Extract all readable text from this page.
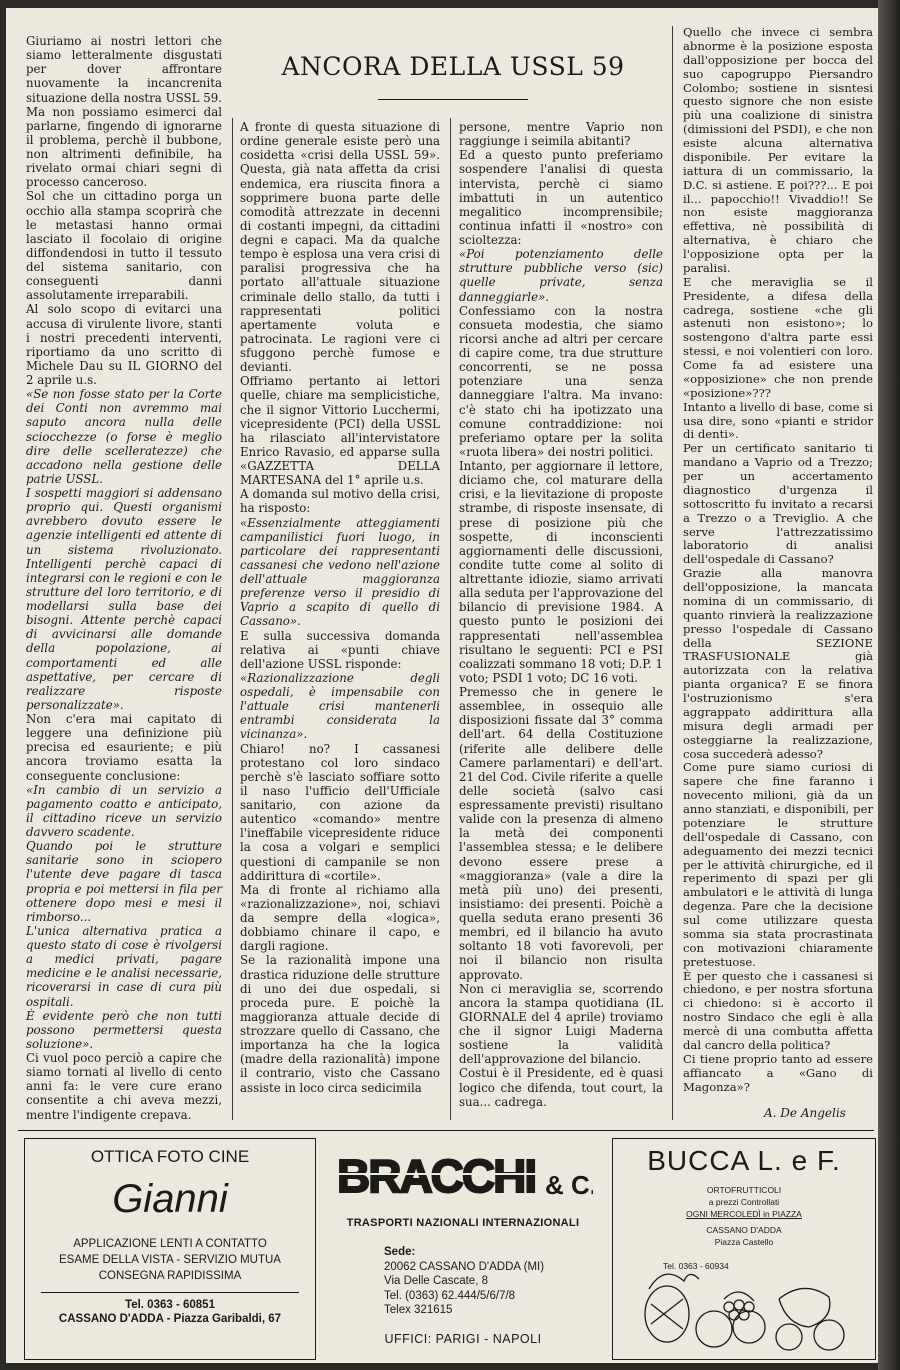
ANCORA DELLA USSL 59

Giuriamo ai nostri lettori che siamo letteralmente disgustati per dover affrontare nuovamente la incancrenita situazione della nostra USSL 59. Ma non possiamo esimerci dal parlarne, fingendo di ignorarne il problema, perchè il bubbone, non altrimenti definibile, ha rivelato ormai chiari segni di processo canceroso.

Sol che un cittadino porga un occhio alla stampa scoprirà che le metastasi hanno ormai lasciato il focolaio di origine diffondendosi in tutto il tessuto del sistema sanitario, con conseguenti danni assolutamente irreparabili.

Al solo scopo di evitarci una accusa di virulente livore, stanti i nostri precedenti interventi, riportiamo da uno scritto di Michele Dau su IL GIORNO del 2 aprile u.s.

«Se non fosse stato per la Corte dei Conti non avremmo mai saputo ancora nulla delle sciocchezze (o forse è meglio dire delle scelleratezze) che accadono nella gestione delle patrie USSL.

I sospetti maggiori si addensano proprio qui. Questi organismi avrebbero dovuto essere le agenzie intelligenti ed attente di un sistema rivoluzionato. Intelligenti perchè capaci di integrarsi con le regioni e con le strutture del loro territorio, e di modellarsi sulla base dei bisogni. Attente perchè capaci di avvicinarsi alle domande della popolazione, ai comportamenti ed alle aspettative, per cercare di realizzare risposte personalizzate».

Non c'era mai capitato di leggere una definizione più precisa ed esauriente; e più ancora troviamo esatta la conseguente conclusione:

«In cambio di un servizio a pagamento coatto e anticipato, il cittadino riceve un servizio davvero scadente.

Quando poi le strutture sanitarie sono in sciopero l'utente deve pagare di tasca propria e poi mettersi in fila per ottenere dopo mesi e mesi il rimborso...

L'unica alternativa pratica a questo stato di cose è rivolgersi a medici privati, pagare medicine e le analisi necessarie, ricoverarsi in case di cura più ospitali.

È evidente però che non tutti possono permettersi questa soluzione».

Ci vuol poco perciò a capire che siamo tornati al livello di cento anni fa: le vere cure erano consentite a chi aveva mezzi, mentre l'indigente crepava.

A fronte di questa situazione di ordine generale esiste però una cosidetta «crisi della USSL 59». Questa, già nata affetta da crisi endemica, era riuscita finora a sopprimere buona parte delle comodità attrezzate in decenni di costanti impegni, da cittadini degni e capaci. Ma da qualche tempo è esplosa una vera crisi di paralisi progressiva che ha portato all'attuale situazione criminale dello stallo, da tutti i rappresentati politici apertamente voluta e patrocinata. Le ragioni vere ci sfuggono perchè fumose e devianti.

Offriamo pertanto ai lettori quelle, chiare ma semplicistiche, che il signor Vittorio Lucchermi, vicepresidente (PCI) della USSL ha rilasciato all'intervistatore Enrico Ravasio, ed apparse sulla «GAZZETTA DELLA MARTESANA del 1° aprile u.s.

A domanda sul motivo della crisi, ha risposto:

«Essenzialmente atteggiamenti campanilistici fuori luogo, in particolare dei rappresentanti cassanesi che vedono nell'azione dell'attuale maggioranza preferenze verso il presidio di Vaprio a scapito di quello di Cassano».

E sulla successiva domanda relativa ai «punti chiave dell'azione USSL risponde:

«Razionalizzazione degli ospedali, è impensabile con l'attuale crisi mantenerli entrambi considerata la vicinanza».

Chiaro! no? I cassanesi protestano col loro sindaco perchè s'è lasciato soffiare sotto il naso l'ufficio dell'Ufficiale sanitario, con azione da autentico «comando» mentre l'ineffabile vicepresidente riduce la cosa a volgari e semplici questioni di campanile se non addirittura di «cortile».

Ma di fronte al richiamo alla «razionalizzazione», noi, schiavi da sempre della «logica», dobbiamo chinare il capo, e dargli ragione.

Se la razionalità impone una drastica riduzione delle strutture di uno dei due ospedali, si proceda pure. E poichè la maggioranza attuale decide di strozzare quello di Cassano, che importanza ha che la logica (madre della razionalità) impone il contrario, visto che Cassano assiste in loco circa sedicimila

persone, mentre Vaprio non raggiunge i seimila abitanti?

Ed a questo punto preferiamo sospendere l'analisi di questa intervista, perchè ci siamo imbattuti in un autentico megalitico incomprensibile; continua infatti il «nostro» con scioltezza:

«Poi potenziamento delle strutture pubbliche verso (sic) quelle private, senza danneggiarle».

Confessiamo con la nostra consueta modestia, che siamo ricorsi anche ad altri per cercare di capire come, tra due strutture concorrenti, se ne possa potenziare una senza danneggiare l'altra. Ma invano: c'è stato chi ha ipotizzato una comune contraddizione: noi preferiamo optare per la solita «ruota libera» dei nostri politici.

Intanto, per aggiornare il lettore, diciamo che, col maturare della crisi, e la lievitazione di proposte strambe, di risposte insensate, di prese di posizione più che sospette, di inconscienti aggiornamenti delle discussioni, condite tutte come al solito di altrettante idiozie, siamo arrivati alla seduta per l'approvazione del bilancio di previsione 1984. A questo punto le posizioni dei rappresentati nell'assemblea risultano le seguenti: PCI e PSI coalizzati sommano 18 voti; D.P. 1 voto; PSDI 1 voto; DC 16 voti.

Premesso che in genere le assemblee, in ossequio alle disposizioni fissate dal 3° comma dell'art. 64 della Costituzione (riferite alle delibere delle Camere parlamentari) e dell'art. 21 del Cod. Civile riferite a quelle delle società (salvo casi espressamente previsti) risultano valide con la presenza di almeno la metà dei componenti l'assemblea stessa; e le delibere devono essere prese a «maggioranza» (vale a dire la metà più uno) dei presenti, insistiamo: dei presenti. Poichè a quella seduta erano presenti 36 membri, ed il bilancio ha avuto soltanto 18 voti favorevoli, per noi il bilancio non risulta approvato.

Non ci meraviglia se, scorrendo ancora la stampa quotidiana (IL GIORNALE del 4 aprile) troviamo che il signor Luigi Maderna sostiene la validità dell'approvazione del bilancio.

Costui è il Presidente, ed è quasi logico che difenda, tout court, la sua... cadrega.

Quello che invece ci sembra abnorme è la posizione esposta dall'opposizione per bocca del suo capogruppo Piersandro Colombo; sostiene in sisntesi questo signore che non esiste più una coalizione di sinistra (dimissioni del PSDI), e che non esiste alcuna alternativa disponibile. Per evitare la iattura di un commissario, la D.C. si astiene. E poi???... E poi il... papocchio!! Vivaddio!! Se non esiste maggioranza effettiva, nè possibilità di alternativa, è chiaro che l'opposizione opta per la paralisi.

E che meraviglia se il Presidente, a difesa della cadrega, sostiene «che gli astenuti non esistono»; lo sostengono d'altra parte essi stessi, e noi volentieri con loro. Come fa ad esistere una «opposizione» che non prende «posizione»???

Intanto a livello di base, come si usa dire, sono «pianti e stridor di denti».

Per un certificato sanitario ti mandano a Vaprio od a Trezzo; per un accertamento diagnostico d'urgenza il sottoscritto fu invitato a recarsi a Trezzo o a Treviglio. A che serve l'attrezzatissimo laboratorio di analisi dell'ospedale di Cassano?

Grazie alla manovra dell'opposizione, la mancata nomina di un commissario, di quanto rinvierà la realizzazione presso l'ospedale di Cassano della SEZIONE TRASFUSIONALE già autorizzata con la relativa pianta organica? E se finora l'ostruzionismo s'era aggrappato addirittura alla misura degli armadi per osteggiarne la realizzazione, cosa succederà adesso?

Come pure siamo curiosi di sapere che fine faranno i novecento milioni, già da un anno stanziati, e disponibili, per potenziare le strutture dell'ospedale di Cassano, con adeguamento dei mezzi tecnici per le attività chirurgiche, ed il reperimento di spazi per gli ambulatori e le attività di lunga degenza. Pare che la decisione sul come utilizzare questa somma sia stata procrastinata con motivazioni chiaramente pretestuose.

È per questo che i cassanesi si chiedono, e per nostra sfortuna ci chiedono: si è accorto il nostro Sindaco che egli è alla mercè di una combutta affetta dal cancro della politica?

Ci tiene proprio tanto ad essere affiancato a «Gano di Magonza»?

A. De Angelis
OTTICA FOTO CINE
Gianni
APPLICAZIONE LENTI A CONTATTO
ESAME DELLA VISTA - SERVIZIO MUTUA
CONSEGNA RAPIDISSIMA
Tel. 0363 - 60851
CASSANO D'ADDA - Piazza Garibaldi, 67
BRACCHI & C.
TRASPORTI NAZIONALI INTERNAZIONALI
Sede:
20062 CASSANO D'ADDA (MI)
Via Delle Cascate, 8
Tel. (0363) 62.444/5/6/7/8
Telex 321615
UFFICI: PARIGI - NAPOLI
BUCCA L. e F.
ORTOFRUTTICOLI
a prezzi Controllati
OGNI MERCOLEDÌ in PIAZZA
CASSANO D'ADDA
Piazza Castello
Tel. 0363 - 60934
